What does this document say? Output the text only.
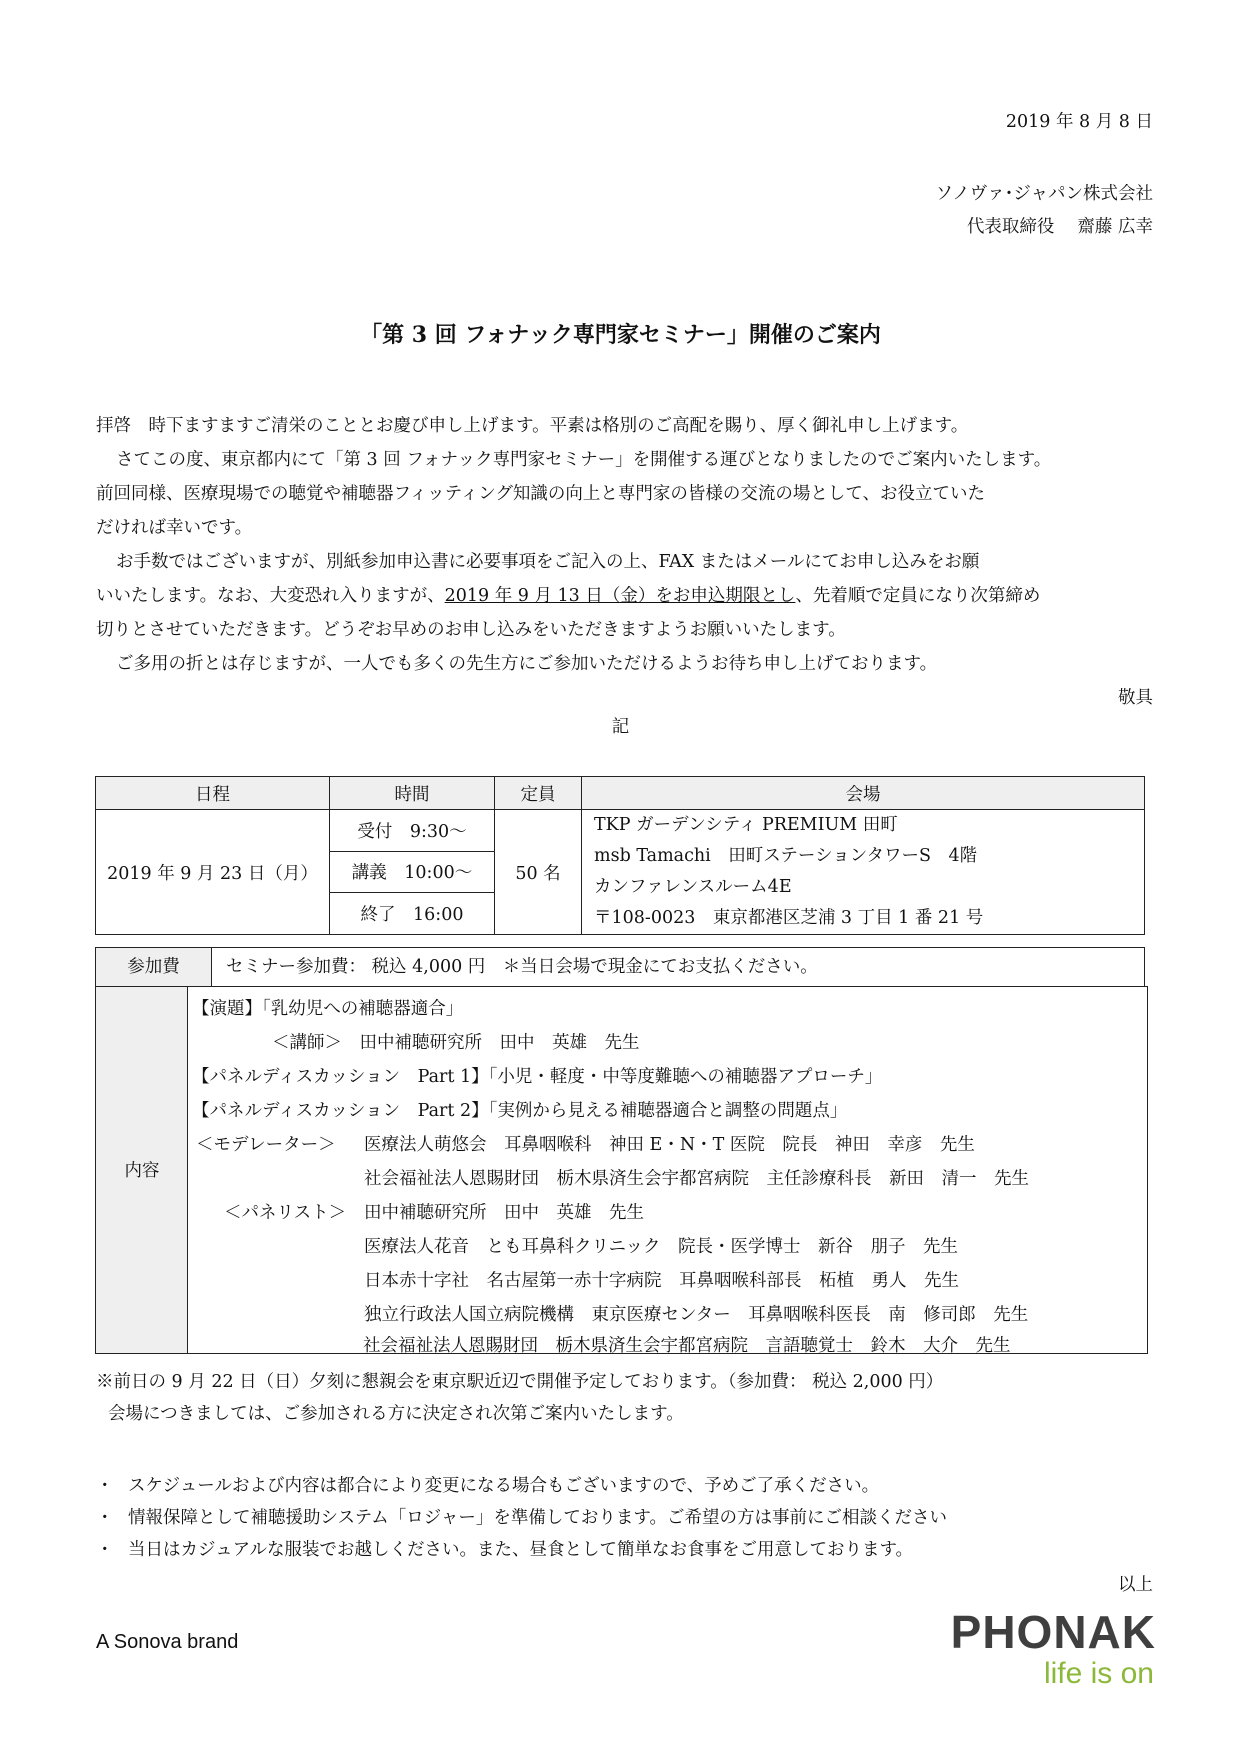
2019 年 8 月 8 日
ソノヴァ･ジャパン株式会社
代表取締役　 齋藤 広幸
「第 3 回 フォナック専門家セミナー」開催のご案内
拝啓　時下ますますご清栄のこととお慶び申し上げます。平素は格別のご高配を賜り、厚く御礼申し上げます。
さてこの度、東京都内にて「第 3 回 フォナック専門家セミナー」を開催する運びとなりましたのでご案内いたします。
前回同様、医療現場での聴覚や補聴器フィッティング知識の向上と専門家の皆様の交流の場として、お役立ていた
だければ幸いです。
お手数ではございますが、別紙参加申込書に必要事項をご記入の上、FAX またはメールにてお申し込みをお願
いいたします。なお、大変恐れ入りますが、2019 年 9 月 13 日（金）をお申込期限とし、先着順で定員になり次第締め
切りとさせていただきます。どうぞお早めのお申し込みをいただきますようお願いいたします。
ご多用の折とは存じますが、一人でも多くの先生方にご参加いただけるようお待ち申し上げております。
敬具
記
日程	時間	定員	会場
2019 年 9 月 23 日（月）	受付　9:30～	50 名	TKP ガーデンシティ PREMIUM 田町
msb Tamachi　田町ステーションタワーS　4階
カンファレンスルーム4E
〒108-0023　東京都港区芝浦 3 丁目 1 番 21 号

	講義　10:00～		
	終了　16:00		
参加費	セミナー参加費： 税込 4,000 円　＊当日会場で現金にてお支払ください。
内容
【演題】「乳幼児への補聴器適合」
＜講師＞　田中補聴研究所　田中　英雄　先生
【パネルディスカッション　Part 1】「小児・軽度・中等度難聴への補聴器アプローチ」
【パネルディスカッション　Part 2】「実例から見える補聴器適合と調整の問題点」
＜モデレーター＞ 医療法人萌悠会　耳鼻咽喉科　神田 E・N・T 医院　院長　神田　幸彦　先生
社会福祉法人恩賜財団　栃木県済生会宇都宮病院　主任診療科長　新田　清一　先生
＜パネリスト＞ 田中補聴研究所　田中　英雄　先生
医療法人花音　とも耳鼻科クリニック　院長・医学博士　新谷　朋子　先生
日本赤十字社　名古屋第一赤十字病院　耳鼻咽喉科部長　柘植　勇人　先生
独立行政法人国立病院機構　東京医療センター　耳鼻咽喉科医長　南　修司郎　先生
社会福祉法人恩賜財団　栃木県済生会宇都宮病院　言語聴覚士　鈴木　大介　先生
※前日の 9 月 22 日（日）夕刻に懇親会を東京駅近辺で開催予定しております。（参加費： 税込 2,000 円）
会場につきましては、ご参加される方に決定され次第ご案内いたします。
・ スケジュールおよび内容は都合により変更になる場合もございますので、予めご了承ください。
・ 情報保障として補聴援助システム「ロジャー」を準備しております。ご希望の方は事前にご相談ください
・ 当日はカジュアルな服装でお越しください。また、昼食として簡単なお食事をご用意しております。
以上
A Sonova brand	PHONAK
life is on
